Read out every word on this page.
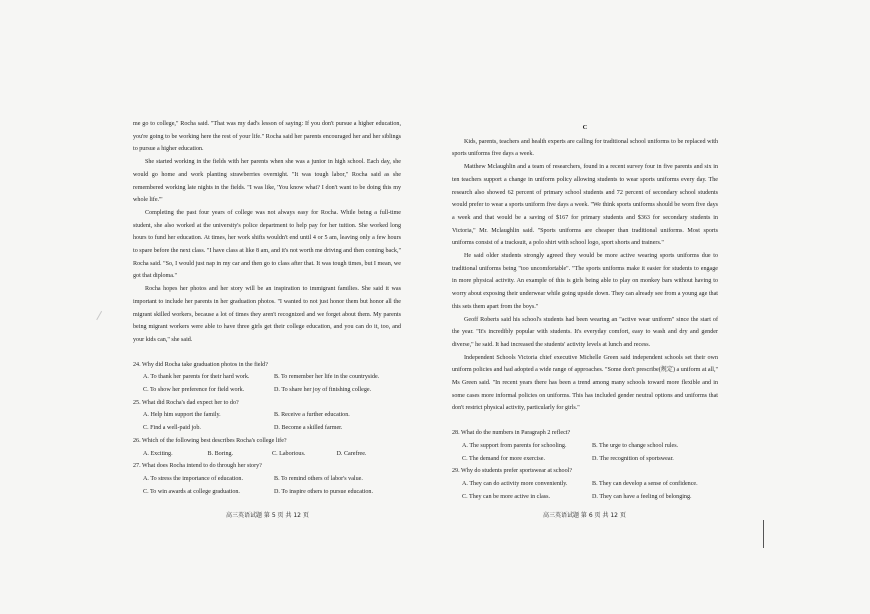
me go to college," Rocha said. "That was my dad's lesson of saying: If you don't pursue a higher education, you're going to be working here the rest of your life." Rocha said her parents encouraged her and her siblings to pursue a higher education.

She started working in the fields with her parents when she was a junior in high school. Each day, she would go home and work planting strawberries overnight. "It was tough labor," Rocha said as she remembered working late nights in the fields. "I was like, 'You know what? I don't want to be doing this my whole life.'"

Completing the past four years of college was not always easy for Rocha. While being a full-time student, she also worked at the university's police department to help pay for her tuition. She worked long hours to fund her education. At times, her work shifts wouldn't end until 4 or 5 am, leaving only a few hours to spare before the next class. "I have class at like 8 am, and it's not worth me driving and then coming back," Rocha said. "So, I would just nap in my car and then go to class after that. It was tough times, but I mean, we got that diploma."

Rocha hopes her photos and her story will be an inspiration to immigrant families. She said it was important to include her parents in her graduation photos. "I wanted to not just honor them but honor all the migrant skilled workers, because a lot of times they aren't recognized and we forget about them. My parents being migrant workers were able to have three girls get their college education, and you can do it, too, and your kids can," she said.

24. Why did Rocha take graduation photos in the field?

A. To thank her parents for their hard work.	B. To remember her life in the countryside.
C. To show her preference for field work.	D. To share her joy of finishing college.

25. What did Rocha's dad expect her to do?

A. Help him support the family.	B. Receive a further education.
C. Find a well-paid job.	D. Become a skilled farmer.

26. Which of the following best describes Rocha's college life?

A. Exciting.	B. Boring.	C. Laborious.	D. Carefree.

27. What does Rocha intend to do through her story?

A. To stress the importance of education.	B. To remind others of labor's value.
C. To win awards at college graduation.	D. To inspire others to pursue education.
高三英语试题 第 5 页 共 12 页
C

Kids, parents, teachers and health experts are calling for traditional school uniforms to be replaced with sports uniforms five days a week.

Matthew Mclaughlin and a team of researchers, found in a recent survey four in five parents and six in ten teachers support a change in uniform policy allowing students to wear sports uniforms every day. The research also showed 62 percent of primary school students and 72 percent of secondary school students would prefer to wear a sports uniform five days a week. "We think sports uniforms should be worn five days a week and that would be a saving of $167 for primary students and $363 for secondary students in Victoria," Mr. Mclaughlin said. "Sports uniforms are cheaper than traditional uniforms. Most sports uniforms consist of a tracksuit, a polo shirt with school logo, sport shorts and trainers."

He said older students strongly agreed they would be more active wearing sports uniforms due to traditional uniforms being "too uncomfortable". "The sports uniforms make it easier for students to engage in more physical activity. An example of this is girls being able to play on monkey bars without having to worry about exposing their underwear while going upside down. They can already see from a young age that this sets them apart from the boys."

Geoff Roberts said his school's students had been wearing an "active wear uniform" since the start of the year. "It's incredibly popular with students. It's everyday comfort, easy to wash and dry and gender diverse," he said. It had increased the students' activity levels at lunch and recess.

Independent Schools Victoria chief executive Michelle Green said independent schools set their own uniform policies and had adopted a wide range of approaches. "Some don't prescribe(规定) a uniform at all," Ms Green said. "In recent years there has been a trend among many schools toward more flexible and in some cases more informal policies on uniforms. This has included gender neutral options and uniforms that don't restrict physical activity, particularly for girls."

28. What do the numbers in Paragraph 2 reflect?

A. The support from parents for schooling.	B. The urge to change school rules.
C. The demand for more exercise.	D. The recognition of sportswear.

29. Why do students prefer sportswear at school?

A. They can do activity more conveniently.	B. They can develop a sense of confidence.
C. They can be more active in class.	D. They can have a feeling of belonging.
高三英语试题 第 6 页 共 12 页
